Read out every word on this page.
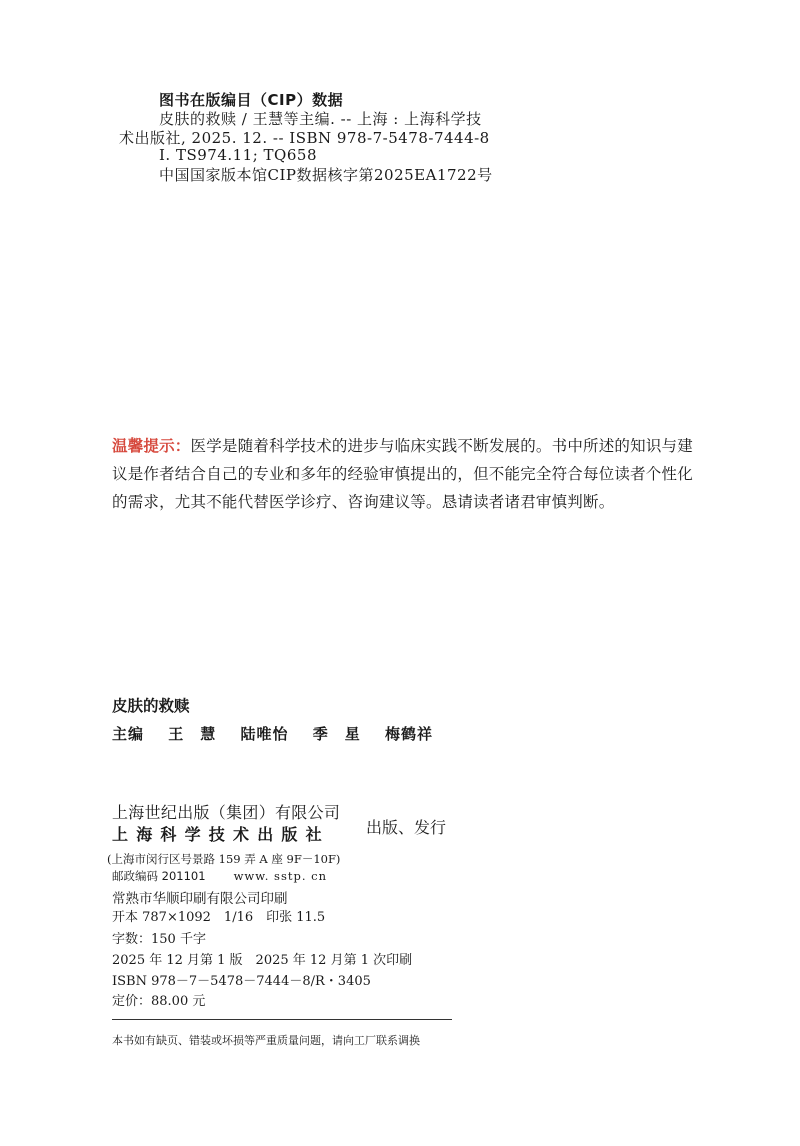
图书在版编目（CIP）数据
皮肤的救赎 / 王慧等主编. -- 上海 : 上海科学技
术出版社, 2025. 12. -- ISBN 978-7-5478-7444-8
Ⅰ. TS974.11; TQ658
中国国家版本馆CIP数据核字第2025EA1722号
温馨提示：医学是随着科学技术的进步与临床实践不断发展的。书中所述的知识与建议是作者结合自己的专业和多年的经验审慎提出的，但不能完全符合每位读者个性化的需求，尤其不能代替医学诊疗、咨询建议等。恳请读者诸君审慎判断。
皮肤的救赎
主编 王　慧 陆唯怡 季　星 梅鹤祥
上海世纪出版（集团）有限公司
上海科学技术出版社 出版、发行
(上海市闵行区号景路 159 弄 A 座 9F－10F)
邮政编码 201101 www. sstp. cn
常熟市华顺印刷有限公司印刷
开本 787×1092　1/16　印张 11.5
字数：150 千字
2025 年 12 月第 1 版　2025 年 12 月第 1 次印刷
ISBN 978－7－5478－7444－8/R・3405
定价：88.00 元
本书如有缺页、错装或坏损等严重质量问题，请向工厂联系调换
